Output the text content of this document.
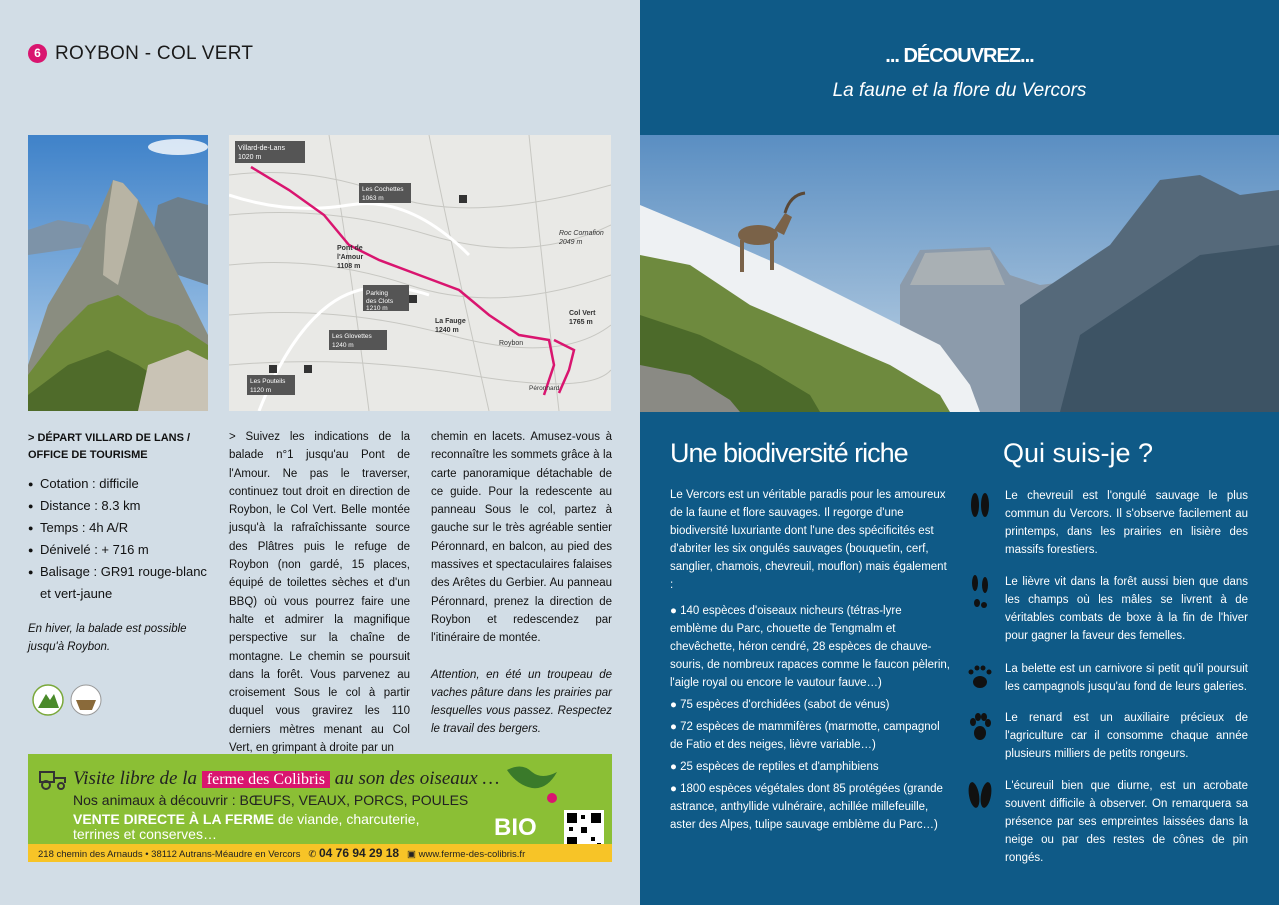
6 ROYBON - COL VERT
Villard-de-Lans
1020 m
Les Cochettes
1063 m
Pont de
l'Amour
1108 m
Parking
des Clots
1210 m
Les Glovettes
1240 m
La Fauge
1240 m
Roybon
Col Vert
1765 m
Péronnard
Roc Cornafion
2049 m
Les Pouteils
1120 m
> DÉPART VILLARD DE LANS / OFFICE DE TOURISME
● Cotation : difficile
● Distance : 8.3 km
● Temps : 4h A/R
● Dénivelé : + 716 m
● Balisage : GR91 rouge-blanc et vert-jaune
En hiver, la balade est possible jusqu'à Roybon.
> Suivez les indications de la balade n°1 jusqu'au Pont de l'Amour. Ne pas le traverser, continuez tout droit en direction de Roybon, le Col Vert. Belle montée jusqu'à la rafraîchissante source des Plâtres puis le refuge de Roybon (non gardé, 15 places, équipé de toilettes sèches et d'un BBQ) où vous pourrez faire une halte et admirer la magnifique perspective sur la chaîne de montagne. Le chemin se poursuit dans la forêt. Vous parvenez au croisement Sous le col à partir duquel vous gravirez les 110 derniers mètres menant au Col Vert, en grimpant à droite par un

chemin en lacets. Amusez-vous à reconnaître les sommets grâce à la carte panoramique détachable de ce guide. Pour la redescente au panneau Sous le col, partez à gauche sur le très agréable sentier Péronnard, en balcon, au pied des massives et spectaculaires falaises des Arêtes du Gerbier. Au panneau Péronnard, prenez la direction de Roybon et redescendez par l'itinéraire de montée.

Attention, en été un troupeau de vaches pâture dans les prairies par lesquelles vous passez. Respectez le travail des bergers.

Visite libre de la ferme des Colibris au son des oiseaux …
Nos animaux à découvrir : BŒUFS, VEAUX, PORCS, POULES
VENTE DIRECTE À LA FERME de viande, charcuterie,
terrines et conserves…	BIO
218 chemin des Arnauds • 38112 Autrans-Méaudre en Vercors ✆ 04 76 94 29 18 ▣ www.ferme-des-colibris.fr
... DÉCOUVREZ...
La faune et la flore du Vercors
Une biodiversité riche
Le Vercors est un véritable paradis pour les amoureux de la faune et flore sauvages. Il regorge d'une biodiversité luxuriante dont l'une des spécificités est d'abriter les six ongulés sauvages (bouquetin, cerf, sanglier, chamois, chevreuil, mouflon) mais également :
● 140 espèces d'oiseaux nicheurs (tétras-lyre emblème du Parc, chouette de Tengmalm et chevêchette, héron cendré, 28 espèces de chauve-souris, de nombreux rapaces comme le faucon pèlerin, l'aigle royal ou encore le vautour fauve…)
● 75 espèces d'orchidées (sabot de vénus)
● 72 espèces de mammifères (marmotte, campagnol de Fatio et des neiges, lièvre variable…)
● 25 espèces de reptiles et d'amphibiens
● 1800 espèces végétales dont 85 protégées (grande astrance, anthyllide vulnéraire, achillée millefeuille, aster des Alpes, tulipe sauvage emblème du Parc…)
Qui suis-je ?

Le chevreuil est l'ongulé sauvage le plus commun du Vercors. Il s'observe facilement au printemps, dans les prairies en lisière des massifs forestiers.

Le lièvre vit dans la forêt aussi bien que dans les champs où les mâles se livrent à de véritables combats de boxe à la fin de l'hiver pour gagner la faveur des femelles.

La belette est un carnivore si petit qu'il poursuit les campagnols jusqu'au fond de leurs galeries.

Le renard est un auxiliaire précieux de l'agriculture car il consomme chaque année plusieurs milliers de petits rongeurs.

L'écureuil bien que diurne, est un acrobate souvent difficile à observer. On remarquera sa présence par ses empreintes laissées dans la neige ou par des restes de cônes de pin rongés.
